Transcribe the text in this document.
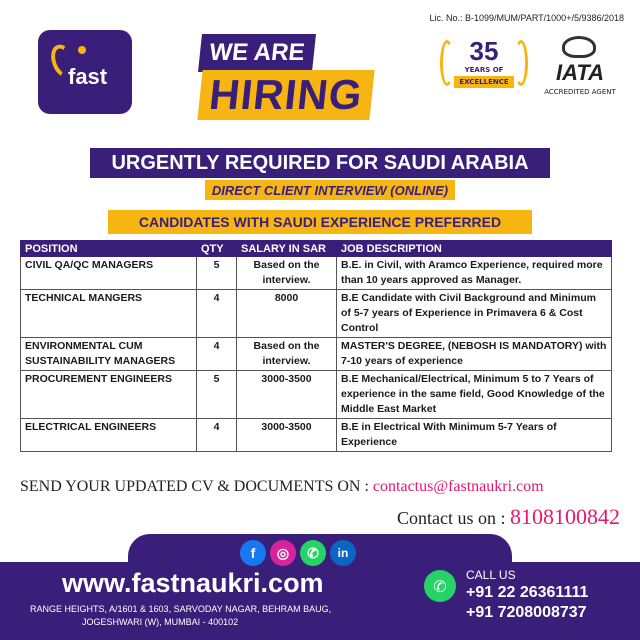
fast
Lic. No.: B-1099/MUM/PART/1000+/5/9386/2018
WE ARE
HIRING
35
YEARS OF
EXCELLENCE	IATA
ACCREDITED AGENT
URGENTLY REQUIRED FOR SAUDI ARABIA
DIRECT CLIENT INTERVIEW (ONLINE)
CANDIDATES WITH SAUDI EXPERIENCE PREFERRED
POSITION	QTY	SALARY IN SAR	JOB DESCRIPTION
CIVIL QA/QC MANAGERS	5	Based on the interview.	B.E. in Civil, with Aramco Experience, required more than 10 years approved as Manager.
TECHNICAL MANGERS	4	8000	B.E Candidate with Civil Background and Minimum of 5-7 years of Experience in Primavera 6 & Cost Control
ENVIRONMENTAL CUM SUSTAINABILITY MANAGERS	4	Based on the interview.	MASTER'S DEGREE, (NEBOSH IS MANDATORY) with 7-10 years of experience
PROCUREMENT ENGINEERS	5	3000-3500	B.E Mechanical/Electrical, Minimum 5 to 7 Years of experience in the same field, Good Knowledge of the Middle East Market
ELECTRICAL ENGINEERS	4	3000-3500	B.E in Electrical With Minimum 5-7 Years of Experience
SEND YOUR UPDATED CV & DOCUMENTS ON : contactus@fastnaukri.com
Contact us on : 8108100842
f	◎	✆	in
www.fastnaukri.com
RANGE HEIGHTS, A/1601 & 1603, SARVODAY NAGAR, BEHRAM BAUG,
JOGESHWARI (W), MUMBAI - 400102
✆
CALL US
+91 22 26361111
+91 7208008737
